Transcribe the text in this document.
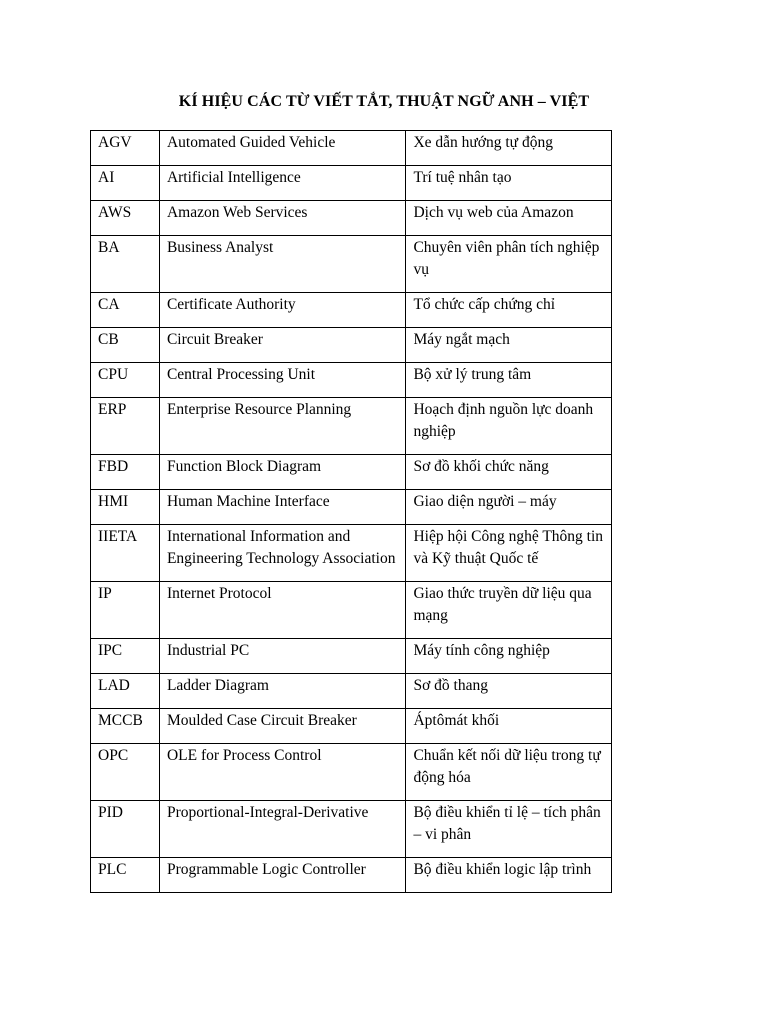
KÍ HIỆU CÁC TỪ VIẾT TẮT, THUẬT NGỮ ANH – VIỆT
AGV	Automated Guided Vehicle	Xe dẫn hướng tự động
AI	Artificial Intelligence	Trí tuệ nhân tạo
AWS	Amazon Web Services	Dịch vụ web của Amazon
BA	Business Analyst	Chuyên viên phân tích nghiệp vụ
CA	Certificate Authority	Tổ chức cấp chứng chỉ
CB	Circuit Breaker	Máy ngắt mạch
CPU	Central Processing Unit	Bộ xử lý trung tâm
ERP	Enterprise Resource Planning	Hoạch định nguồn lực doanh nghiệp
FBD	Function Block Diagram	Sơ đồ khối chức năng
HMI	Human Machine Interface	Giao diện người – máy
IIETA	International Information and Engineering Technology Association	Hiệp hội Công nghệ Thông tin và Kỹ thuật Quốc tế
IP	Internet Protocol	Giao thức truyền dữ liệu qua mạng
IPC	Industrial PC	Máy tính công nghiệp
LAD	Ladder Diagram	Sơ đồ thang
MCCB	Moulded Case Circuit Breaker	Áptômát khối
OPC	OLE for Process Control	Chuẩn kết nối dữ liệu trong tự động hóa
PID	Proportional-Integral-Derivative	Bộ điều khiển tỉ lệ – tích phân – vi phân
PLC	Programmable Logic Controller	Bộ điều khiển logic lập trình
